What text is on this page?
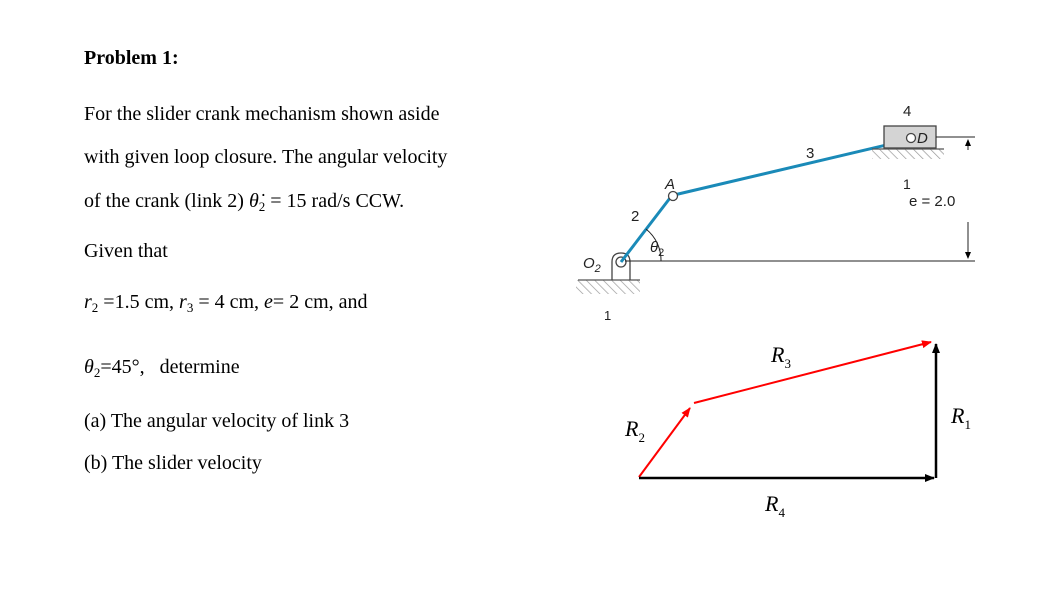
Problem 1:
For the slider crank mechanism shown aside
with given loop closure. The angular velocity
of the crank (link 2) $\thetȧ_2 = 15$ rad/s CCW.
Given that
$r_2 =1.5$ cm, $r_3 = 4$ cm, e= 2 cm, and
$\theta_2=45^\circ$, determine
(a) The angular velocity of link 3
(b) The slider velocity
$O_2$
1
2
A
$\theta_2$
3
4
D
1
e = 2.0
$R_2$
$R_3$
$R_1$
$R_4$
